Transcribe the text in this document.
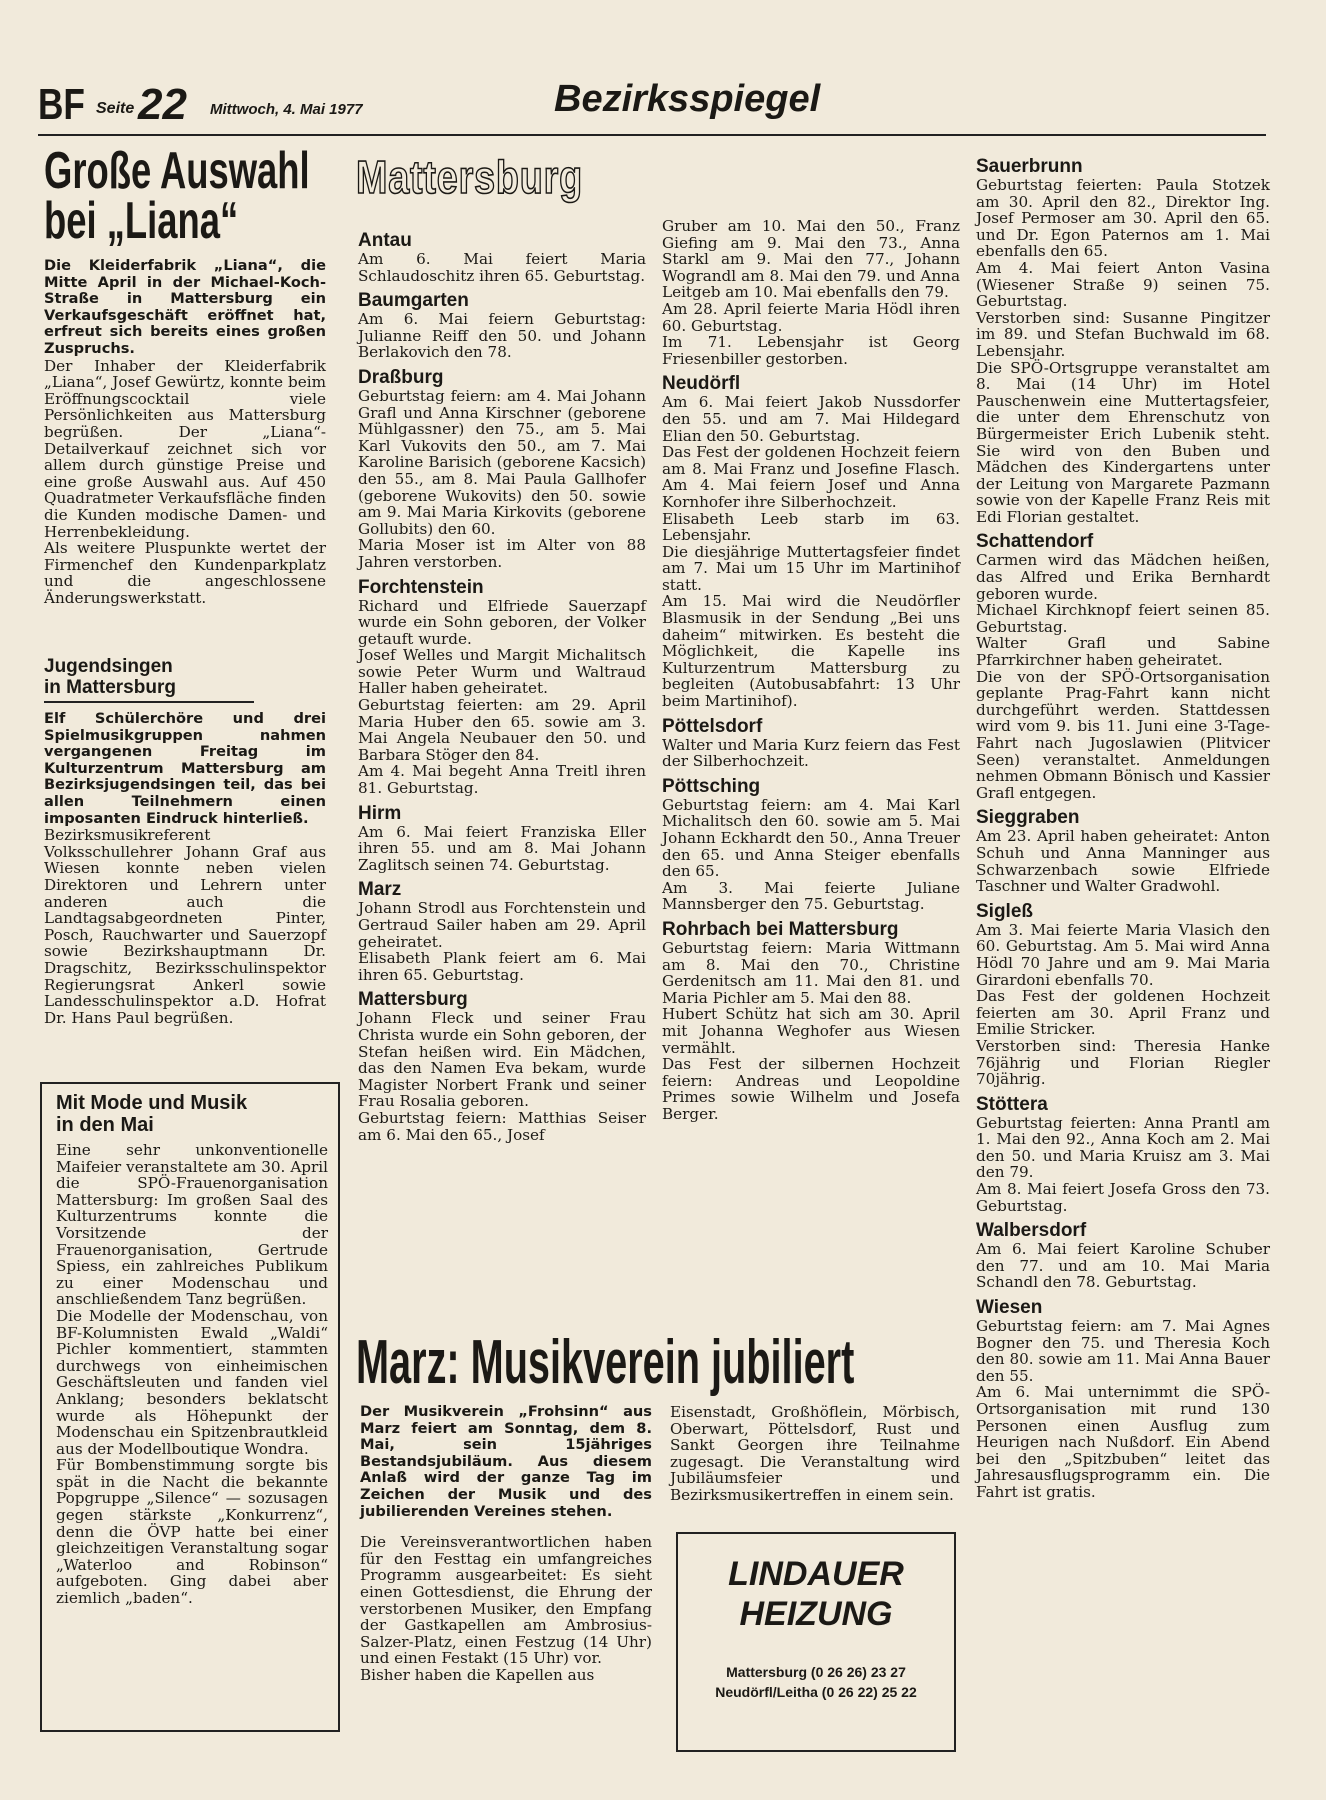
BF Seite 22 Mittwoch, 4. Mai 1977	Bezirksspiegel
Große Auswahl
bei „Liana“

Die Kleiderfabrik „Liana“, die Mitte April in der Michael-Koch-Straße in Mattersburg ein Verkaufsgeschäft eröffnet hat, erfreut sich bereits eines großen Zuspruchs.

Der Inhaber der Kleiderfabrik „Liana“, Josef Gewürtz, konnte beim Eröffnungscocktail viele Persönlichkeiten aus Mattersburg begrüßen. Der „Liana“-Detailverkauf zeichnet sich vor allem durch günstige Preise und eine große Auswahl aus. Auf 450 Quadratmeter Verkaufsfläche finden die Kunden modische Damen- und Herrenbekleidung.
Als weitere Pluspunkte wertet der Firmenchef den Kundenparkplatz und die angeschlossene Änderungswerkstatt.

Jugendsingen

in Mattersburg

Elf Schülerchöre und drei Spielmusikgruppen nahmen vergangenen Freitag im Kulturzentrum Mattersburg am Bezirksjugendsingen teil, das bei allen Teilnehmern einen imposanten Eindruck hinterließ.

Bezirksmusikreferent Volksschullehrer Johann Graf aus Wiesen konnte neben vielen Direktoren und Lehrern unter anderen auch die Landtagsabgeordneten Pinter, Posch, Rauchwarter und Sauerzopf sowie Bezirkshauptmann Dr. Dragschitz, Bezirksschulinspektor Regierungsrat Ankerl sowie Landesschulinspektor a.D. Hofrat Dr. Hans Paul begrüßen.

Mit Mode und Musik

in den Mai

Eine sehr unkonventionelle Maifeier veranstaltete am 30. April die SPÖ-Frauenorganisation Mattersburg: Im großen Saal des Kulturzentrums konnte die Vorsitzende der Frauenorganisation, Gertrude Spiess, ein zahlreiches Publikum zu einer Modenschau und anschließendem Tanz begrüßen.
Die Modelle der Modenschau, von BF-Kolumnisten Ewald „Waldi“ Pichler kommentiert, stammten durchwegs von einheimischen Geschäftsleuten und fanden viel Anklang; besonders beklatscht wurde als Höhepunkt der Modenschau ein Spitzenbrautkleid aus der Modellboutique Wondra.
Für Bombenstimmung sorgte bis spät in die Nacht die bekannte Popgruppe „Silence“ — sozusagen gegen stärkste „Konkurrenz“, denn die ÖVP hatte bei einer gleichzeitigen Veranstaltung sogar „Waterloo and Robinson“ aufgeboten. Ging dabei aber ziemlich „baden“.

Mattersburg

Antau

Am 6. Mai feiert Maria Schlaudoschitz ihren 65. Geburtstag.

Baumgarten

Am 6. Mai feiern Geburtstag: Julianne Reiff den 50. und Johann Berlakovich den 78.

Draßburg

Geburtstag feiern: am 4. Mai Johann Grafl und Anna Kirschner (geborene Mühlgassner) den 75., am 5. Mai Karl Vukovits den 50., am 7. Mai Karoline Barisich (geborene Kacsich) den 55., am 8. Mai Paula Gallhofer (geborene Wukovits) den 50. sowie am 9. Mai Maria Kirkovits (geborene Gollubits) den 60.
Maria Moser ist im Alter von 88 Jahren verstorben.

Forchtenstein

Richard und Elfriede Sauerzapf wurde ein Sohn geboren, der Volker getauft wurde.
Josef Welles und Margit Michalitsch sowie Peter Wurm und Waltraud Haller haben geheiratet.
Geburtstag feierten: am 29. April Maria Huber den 65. sowie am 3. Mai Angela Neubauer den 50. und Barbara Stöger den 84.
Am 4. Mai begeht Anna Treitl ihren 81. Geburtstag.

Hirm

Am 6. Mai feiert Franziska Eller ihren 55. und am 8. Mai Johann Zaglitsch seinen 74. Geburtstag.

Marz

Johann Strodl aus Forchtenstein und Gertraud Sailer haben am 29. April geheiratet.
Elisabeth Plank feiert am 6. Mai ihren 65. Geburtstag.

Mattersburg

Johann Fleck und seiner Frau Christa wurde ein Sohn geboren, der Stefan heißen wird. Ein Mädchen, das den Namen Eva bekam, wurde Magister Norbert Frank und seiner Frau Rosalia geboren.
Geburtstag feiern: Matthias Seiser am 6. Mai den 65., Josef

Gruber am 10. Mai den 50., Franz Giefing am 9. Mai den 73., Anna Starkl am 9. Mai den 77., Johann Wograndl am 8. Mai den 79. und Anna Leitgeb am 10. Mai ebenfalls den 79.
Am 28. April feierte Maria Hödl ihren 60. Geburtstag.
Im 71. Lebensjahr ist Georg Friesenbiller gestorben.

Neudörfl

Am 6. Mai feiert Jakob Nussdorfer den 55. und am 7. Mai Hildegard Elian den 50. Geburtstag.
Das Fest der goldenen Hochzeit feiern am 8. Mai Franz und Josefine Flasch. Am 4. Mai feiern Josef und Anna Kornhofer ihre Silberhochzeit.
Elisabeth Leeb starb im 63. Lebensjahr.
Die diesjährige Muttertagsfeier findet am 7. Mai um 15 Uhr im Martinihof statt.
Am 15. Mai wird die Neudörfler Blasmusik in der Sendung „Bei uns daheim“ mitwirken. Es besteht die Möglichkeit, die Kapelle ins Kulturzentrum Mattersburg zu begleiten (Autobusabfahrt: 13 Uhr beim Martinihof).

Pöttelsdorf

Walter und Maria Kurz feiern das Fest der Silberhochzeit.

Pöttsching

Geburtstag feiern: am 4. Mai Karl Michalitsch den 60. sowie am 5. Mai Johann Eckhardt den 50., Anna Treuer den 65. und Anna Steiger ebenfalls den 65.
Am 3. Mai feierte Juliane Mannsberger den 75. Geburtstag.

Rohrbach bei Mattersburg

Geburtstag feiern: Maria Wittmann am 8. Mai den 70., Christine Gerdenitsch am 11. Mai den 81. und Maria Pichler am 5. Mai den 88.
Hubert Schütz hat sich am 30. April mit Johanna Weghofer aus Wiesen vermählt.
Das Fest der silbernen Hochzeit feiern: Andreas und Leopoldine Primes sowie Wilhelm und Josefa Berger.

Sauerbrunn

Geburtstag feierten: Paula Stotzek am 30. April den 82., Direktor Ing. Josef Permoser am 30. April den 65. und Dr. Egon Paternos am 1. Mai ebenfalls den 65.
Am 4. Mai feiert Anton Vasina (Wiesener Straße 9) seinen 75. Geburtstag.
Verstorben sind: Susanne Pingitzer im 89. und Stefan Buchwald im 68. Lebensjahr.
Die SPÖ-Ortsgruppe veranstaltet am 8. Mai (14 Uhr) im Hotel Pauschenwein eine Muttertagsfeier, die unter dem Ehrenschutz von Bürgermeister Erich Lubenik steht. Sie wird von den Buben und Mädchen des Kindergartens unter der Leitung von Margarete Pazmann sowie von der Kapelle Franz Reis mit Edi Florian gestaltet.

Schattendorf

Carmen wird das Mädchen heißen, das Alfred und Erika Bernhardt geboren wurde.
Michael Kirchknopf feiert seinen 85. Geburtstag.
Walter Grafl und Sabine Pfarrkirchner haben geheiratet.
Die von der SPÖ-Ortsorganisation geplante Prag-Fahrt kann nicht durchgeführt werden. Stattdessen wird vom 9. bis 11. Juni eine 3-Tage-Fahrt nach Jugoslawien (Plitvicer Seen) veranstaltet. Anmeldungen nehmen Obmann Bönisch und Kassier Grafl entgegen.

Sieggraben

Am 23. April haben geheiratet: Anton Schuh und Anna Manninger aus Schwarzenbach sowie Elfriede Taschner und Walter Gradwohl.

Sigleß

Am 3. Mai feierte Maria Vlasich den 60. Geburtstag. Am 5. Mai wird Anna Hödl 70 Jahre und am 9. Mai Maria Girardoni ebenfalls 70.
Das Fest der goldenen Hochzeit feierten am 30. April Franz und Emilie Stricker.
Verstorben sind: Theresia Hanke 76jährig und Florian Riegler 70jährig.

Stöttera

Geburtstag feierten: Anna Prantl am 1. Mai den 92., Anna Koch am 2. Mai den 50. und Maria Kruisz am 3. Mai den 79.
Am 8. Mai feiert Josefa Gross den 73. Geburtstag.

Walbersdorf

Am 6. Mai feiert Karoline Schuber den 77. und am 10. Mai Maria Schandl den 78. Geburtstag.

Wiesen

Geburtstag feiern: am 7. Mai Agnes Bogner den 75. und Theresia Koch den 80. sowie am 11. Mai Anna Bauer den 55.
Am 6. Mai unternimmt die SPÖ-Ortsorganisation mit rund 130 Personen einen Ausflug zum Heurigen nach Nußdorf. Ein Abend bei den „Spitzbuben“ leitet das Jahresausflugsprogramm ein. Die Fahrt ist gratis.

Marz: Musikverein jubiliert

Der Musikverein „Frohsinn“ aus Marz feiert am Sonntag, dem 8. Mai, sein 15jähriges Bestandsjubiläum. Aus diesem Anlaß wird der ganze Tag im Zeichen der Musik und des jubilierenden Vereines stehen.

Die Vereinsverantwortlichen haben für den Festtag ein umfangreiches Programm ausgearbeitet: Es sieht einen Gottesdienst, die Ehrung der verstorbenen Musiker, den Empfang der Gastkapellen am Ambrosius-Salzer-Platz, einen Festzug (14 Uhr) und einen Festakt (15 Uhr) vor.
Bisher haben die Kapellen aus

Eisenstadt, Großhöflein, Mörbisch, Oberwart, Pöttelsdorf, Rust und Sankt Georgen ihre Teilnahme zugesagt. Die Veranstaltung wird Jubiläumsfeier und Bezirksmusikertreffen in einem sein.

LINDAUER
HEIZUNG
Mattersburg (0 26 26) 23 27
Neudörfl/Leitha (0 26 22) 25 22
